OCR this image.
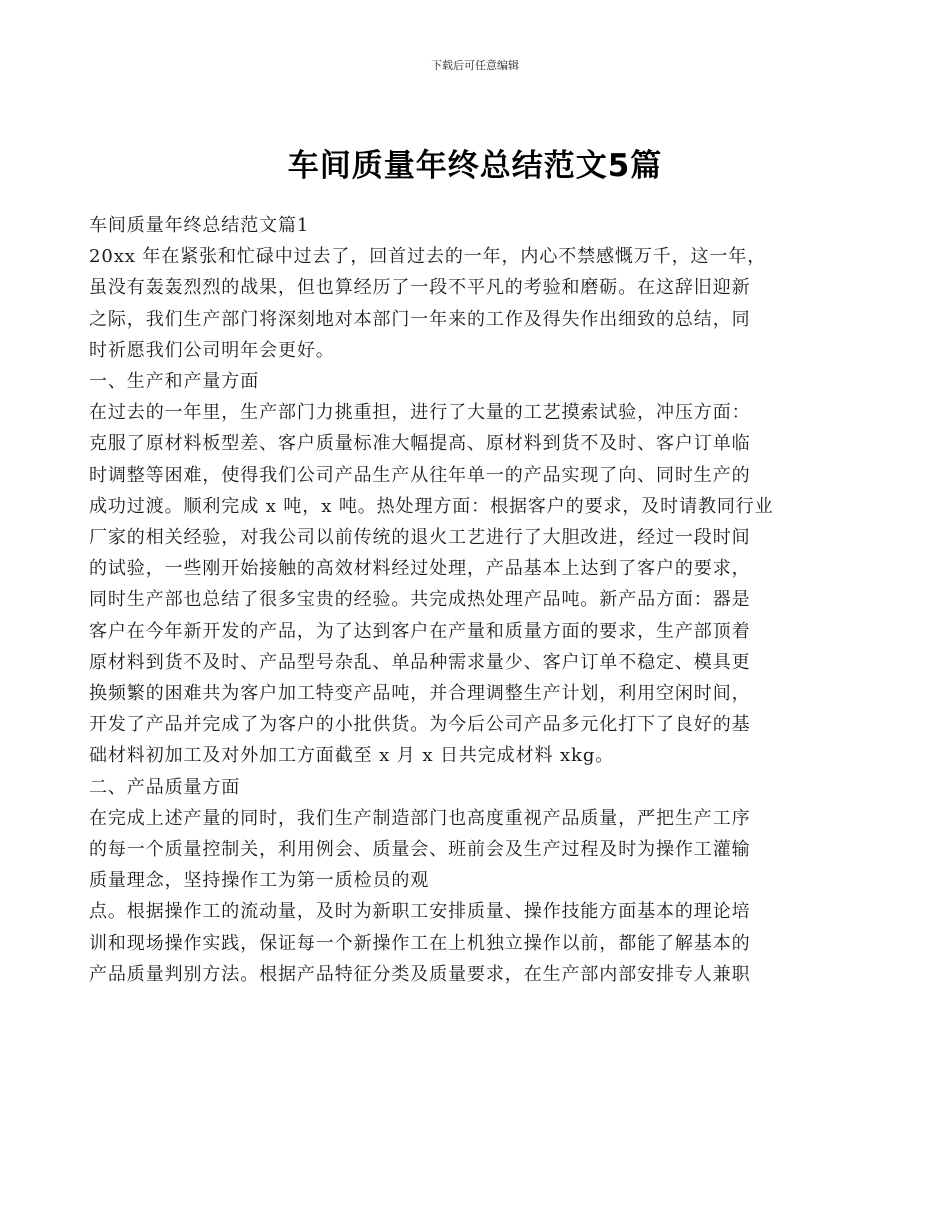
下载后可任意编辑
车间质量年终总结范文5篇

车间质量年终总结范文篇1

20xx 年在紧张和忙碌中过去了，回首过去的一年，内心不禁感慨万千，这一年，
虽没有轰轰烈烈的战果，但也算经历了一段不平凡的考验和磨砺。在这辞旧迎新
之际，我们生产部门将深刻地对本部门一年来的工作及得失作出细致的总结，同
时祈愿我们公司明年会更好。

一、生产和产量方面

在过去的一年里，生产部门力挑重担，进行了大量的工艺摸索试验，冲压方面：
克服了原材料板型差、客户质量标准大幅提高、原材料到货不及时、客户订单临
时调整等困难，使得我们公司产品生产从往年单一的产品实现了向、同时生产的
成功过渡。顺利完成 x 吨，x 吨。热处理方面：根据客户的要求，及时请教同行业
厂家的相关经验，对我公司以前传统的退火工艺进行了大胆改进，经过一段时间
的试验，一些刚开始接触的高效材料经过处理，产品基本上达到了客户的要求，
同时生产部也总结了很多宝贵的经验。共完成热处理产品吨。新产品方面：器是
客户在今年新开发的产品，为了达到客户在产量和质量方面的要求，生产部顶着
原材料到货不及时、产品型号杂乱、单品种需求量少、客户订单不稳定、模具更
换频繁的困难共为客户加工特变产品吨，并合理调整生产计划，利用空闲时间，
开发了产品并完成了为客户的小批供货。为今后公司产品多元化打下了良好的基
础材料初加工及对外加工方面截至 x 月 x 日共完成材料 xkg。

二、产品质量方面

在完成上述产量的同时，我们生产制造部门也高度重视产品质量，严把生产工序
的每一个质量控制关，利用例会、质量会、班前会及生产过程及时为操作工灌输
质量理念，坚持操作工为第一质检员的观

点。根据操作工的流动量，及时为新职工安排质量、操作技能方面基本的理论培
训和现场操作实践，保证每一个新操作工在上机独立操作以前，都能了解基本的
产品质量判别方法。根据产品特征分类及质量要求，在生产部内部安排专人兼职
